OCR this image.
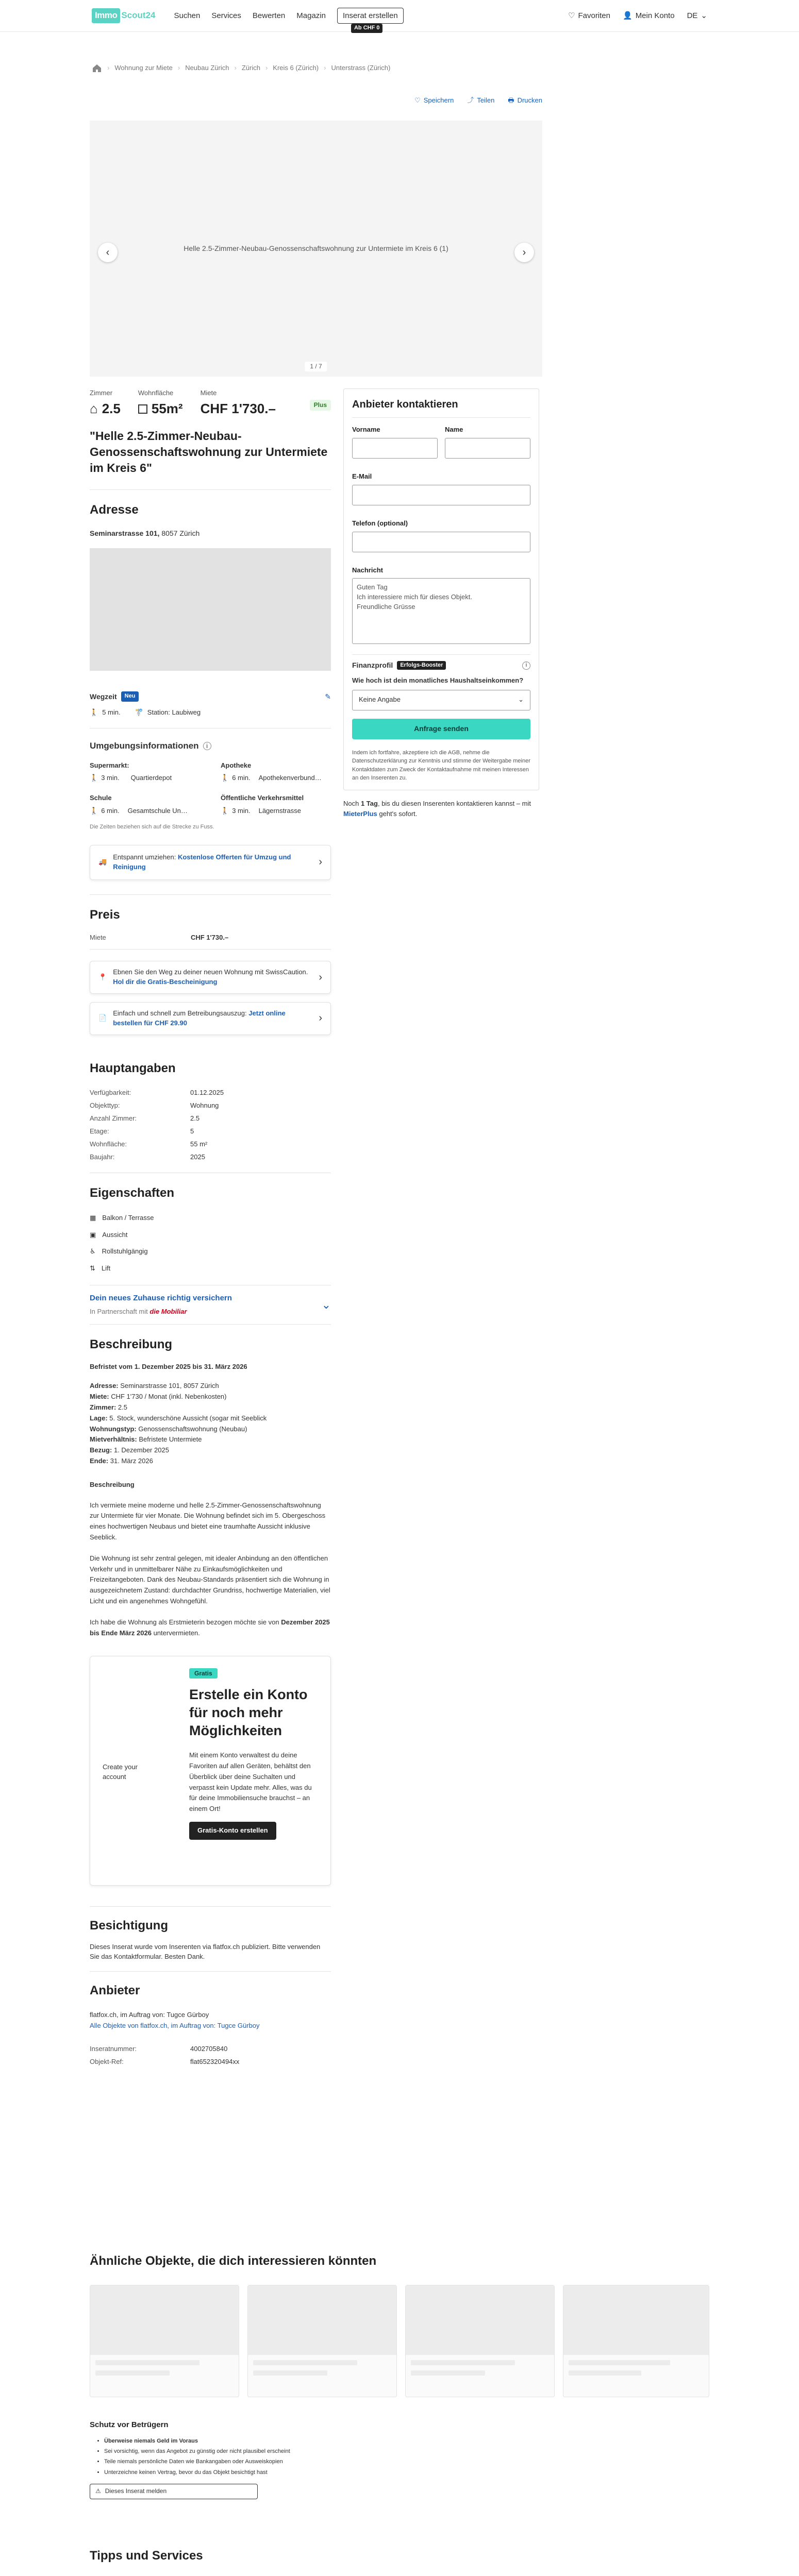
Immo Scout24 Suchen Services Bewerten Magazin	Inserat erstellen
Ab CHF 0
♡ Favoriten 👤 Mein Konto DE ⌄
› Wohnung zur Miete › Neubau Zürich › Zürich › Kreis 6 (Zürich) › Unterstrass (Zürich)
♡ Speichern ⤴ Teilen 🖶 Drucken
Helle 2.5-Zimmer-Neubau-Genossenschaftswohnung zur Untermiete im Kreis 6 (1)
‹	›
1 / 7
Zimmer
⌂ 2.5
Wohnfläche
55m²
Miete
CHF 1'730.–	Plus
"Helle 2.5-Zimmer-Neubau-Genossenschaftswohnung zur Untermiete im Kreis 6"
Adresse
Seminarstrasse 101, 8057 Zürich
Wegzeit	Neu	✎
🚶 5 min. 🚏 Station: Laubiweg
Umgebungsinformationen	i
Supermarkt:
🚶 3 min. Quartierdepot
Apotheke
🚶 6 min. Apothekenverbund…
Schule
🚶 6 min. Gesamtschule Un…
Öffentliche Verkehrsmittel
🚶 3 min. Lägernstrasse
Die Zeiten beziehen sich auf die Strecke zu Fuss.
🚚
Entspannt umziehen: Kostenlose Offerten für Umzug und Reinigung	›
Preis
Miete	CHF 1'730.–
📍
Ebnen Sie den Weg zu deiner neuen Wohnung mit SwissCaution. Hol dir die Gratis-Bescheinigung	›
📄
Einfach und schnell zum Betreibungsauszug: Jetzt online bestellen für CHF 29.90	›
Hauptangaben
Verfügbarkeit:	01.12.2025
Objekttyp:	Wohnung
Anzahl Zimmer:	2.5
Etage:	5
Wohnfläche:	55 m²
Baujahr:	2025
Eigenschaften
▦ Balkon / Terrasse
▣ Aussicht
♿ Rollstuhlgängig
⇅ Lift
Dein neues Zuhause richtig versichern
In Partnerschaft mit die Mobiliar
⌄
Beschreibung
Befristet vom 1. Dezember 2025 bis 31. März 2026
Adresse: Seminarstrasse 101, 8057 Zürich
Miete: CHF 1'730 / Monat (inkl. Nebenkosten)
Zimmer: 2.5
Lage: 5. Stock, wunderschöne Aussicht (sogar mit Seeblick
Wohnungstyp: Genossenschaftswohnung (Neubau)
Mietverhältnis: Befristete Untermiete
Bezug: 1. Dezember 2025
Ende: 31. März 2026
Beschreibung

Ich vermiete meine moderne und helle 2.5-Zimmer-Genossenschaftswohnung zur Untermiete für vier Monate. Die Wohnung befindet sich im 5. Obergeschoss eines hochwertigen Neubaus und bietet eine traumhafte Aussicht inklusive Seeblick.

Die Wohnung ist sehr zentral gelegen, mit idealer Anbindung an den öffentlichen Verkehr und in unmittelbarer Nähe zu Einkaufsmöglichkeiten und Freizeitangeboten. Dank des Neubau-Standards präsentiert sich die Wohnung in ausgezeichnetem Zustand: durchdachter Grundriss, hochwertige Materialien, viel Licht und ein angenehmes Wohngefühl.

Ich habe die Wohnung als Erstmieterin bezogen möchte sie von Dezember 2025 bis Ende März 2026 untervermieten.

Gratis
Erstelle ein Konto für noch mehr Möglichkeiten

Mit einem Konto verwaltest du deine Favoriten auf allen Geräten, behältst den Überblick über deine Suchalten und verpasst kein Update mehr. Alles, was du für deine Immobiliensuche brauchst – an einem Ort!

Gratis-Konto erstellen
Create your account
Besichtigung

Dieses Inserat wurde vom Inserenten via flatfox.ch publiziert. Bitte verwenden Sie das Kontaktformular. Besten Dank.

Anbieter
flatfox.ch, im Auftrag von: Tugce Gürboy
Alle Objekte von flatfox.ch, im Auftrag von: Tugce Gürboy
Inseratnummer:	4002705840
Objekt-Ref:	flat652320494xx
Anbieter kontaktieren
Vorname	Name
E-Mail
Telefon (optional)
Nachricht
Guten Tag
Ich interessiere mich für dieses Objekt.
Freundliche Grüsse
Finanzprofil	Erfolgs-Booster	i
Wie hoch ist dein monatliches Haushaltseinkommen?
Keine Angabe	⌄
Anfrage senden

Indem ich fortfahre, akzeptiere ich die AGB, nehme die Datenschutzerklärung zur Kenntnis und stimme der Weitergabe meiner Kontaktdaten zum Zweck der Kontaktaufnahme mit meinen Interessen an den Inserenten zu.

Noch 1 Tag, bis du diesen Inserenten kontaktieren kannst – mit MieterPlus geht's sofort.
Ähnliche Objekte, die dich interessieren könnten
Schutz vor Betrügern
• Überweise niemals Geld im Voraus
• Sei vorsichtig, wenn das Angebot zu günstig oder nicht plausibel erscheint
• Teile niemals persönliche Daten wie Bankangaben oder Ausweiskopien
• Unterzeichne keinen Vertrag, bevor du das Objekt besichtigt hast
⚠ Dieses Inserat melden
Tipps und Services
